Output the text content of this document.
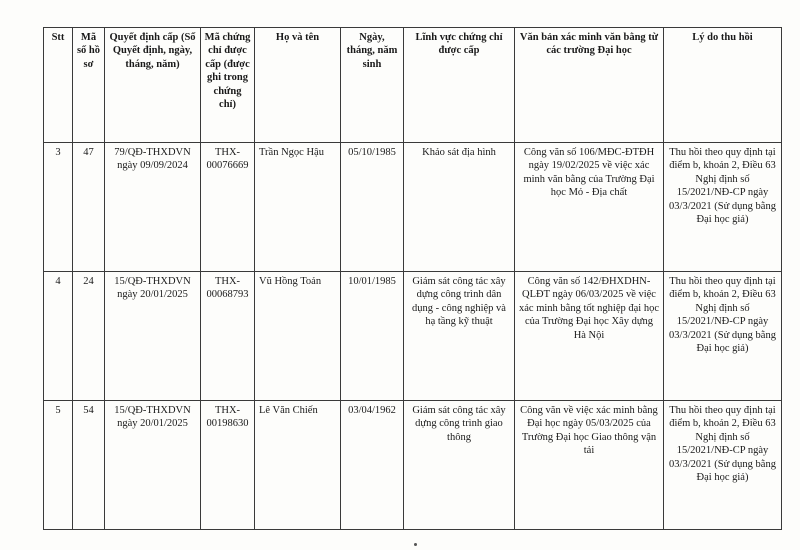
Stt	Mã số hồ sơ	Quyết định cấp (Số Quyết định, ngày, tháng, năm)	Mã chứng chỉ được cấp (được ghi trong chứng chỉ)	Họ và tên	Ngày, tháng, năm sinh	Lĩnh vực chứng chỉ được cấp	Văn bản xác minh văn bằng từ các trường Đại học	Lý do thu hồi
3	47	79/QĐ-THXDVN ngày 09/09/2024	THX-00076669	Trần Ngọc Hậu	05/10/1985	Khảo sát địa hình	Công văn số 106/MĐC-ĐTĐH ngày 19/02/2025 về việc xác minh văn bằng của Trường Đại học Mỏ - Địa chất	Thu hồi theo quy định tại điểm b, khoản 2, Điều 63 Nghị định số 15/2021/NĐ-CP ngày 03/3/2021 (Sử dụng bằng Đại học giả)
4	24	15/QĐ-THXDVN ngày 20/01/2025	THX-00068793	Vũ Hồng Toản	10/01/1985	Giám sát công tác xây dựng công trình dân dụng - công nghiệp và hạ tầng kỹ thuật	Công văn số 142/ĐHXDHN-QLĐT ngày 06/03/2025 về việc xác minh bằng tốt nghiệp đại học của Trường Đại học Xây dựng Hà Nội	Thu hồi theo quy định tại điểm b, khoản 2, Điều 63 Nghị định số 15/2021/NĐ-CP ngày 03/3/2021 (Sử dụng bằng Đại học giả)
5	54	15/QĐ-THXDVN ngày 20/01/2025	THX-00198630	Lê Văn Chiến	03/04/1962	Giám sát công tác xây dựng công trình giao thông	Công văn về việc xác minh bằng Đại học ngày 05/03/2025 của Trường Đại học Giao thông vận tải	Thu hồi theo quy định tại điểm b, khoản 2, Điều 63 Nghị định số 15/2021/NĐ-CP ngày 03/3/2021 (Sử dụng bằng Đại học giả)
